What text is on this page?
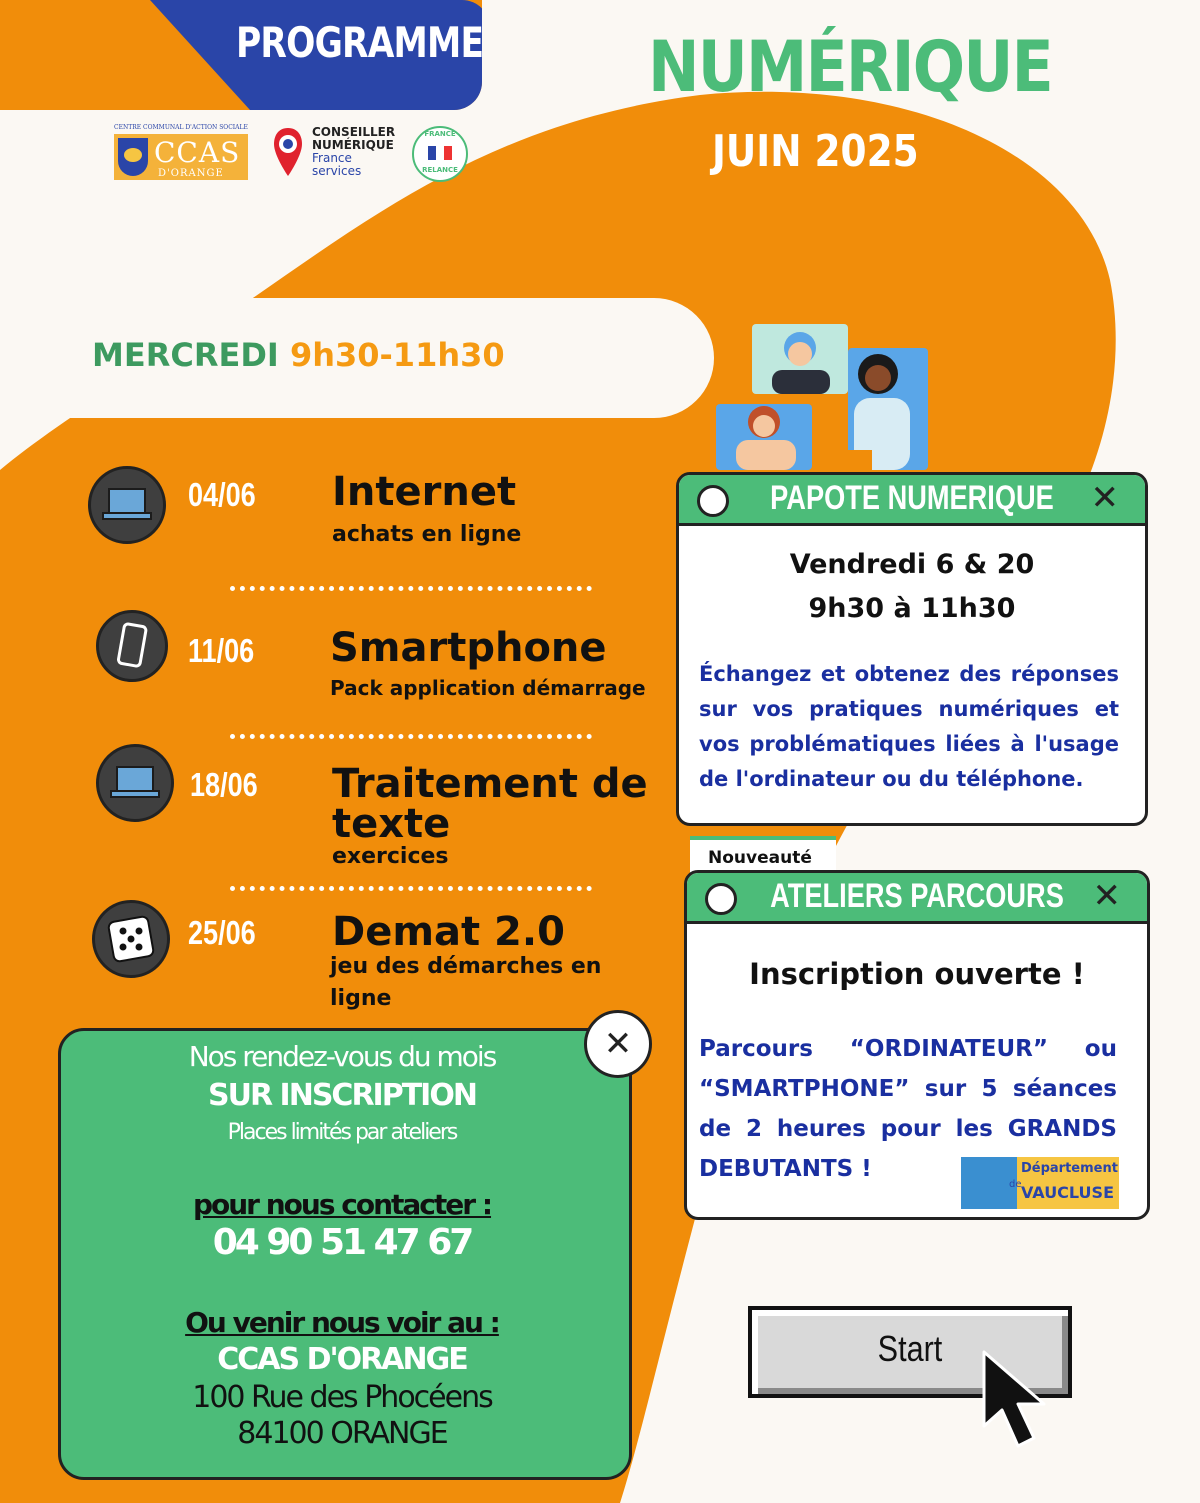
PROGRAMME NUMÉRIQUE
JUIN 2025
CENTRE COMMUNAL D'ACTION SOCIALE
CCAS
D'ORANGE
CONSEILLER
NUMÉRIQUE
France
services
FRANCE
RELANCE
MERCREDI 9h30-11h30
04/06 Internet
achats en ligne
11/06 Smartphone
Pack application démarrage
18/06 Traitement de
texte
exercices
25/06 Demat 2.0
jeu des démarches en
ligne
PAPOTE NUMERIQUE	✕
Vendredi 6 & 20
9h30 à 11h30
Échangez et obtenez des réponses sur vos pratiques numériques et vos problématiques liées à l'usage de l'ordinateur ou du téléphone.
Nouveauté
ATELIERS PARCOURS ✕
Inscription ouverte !
Parcours “ORDINATEUR” ou “SMARTPHONE” sur 5 séances de 2 heures pour les GRANDS DEBUTANTS !	Département
de VAUCLUSE
✕
Nos rendez-vous du mois
SUR INSCRIPTION
Places limités par ateliers
pour nous contacter :
04 90 51 47 67
Ou venir nous voir au :
CCAS D'ORANGE
100 Rue des Phocéens
84100 ORANGE
Start
